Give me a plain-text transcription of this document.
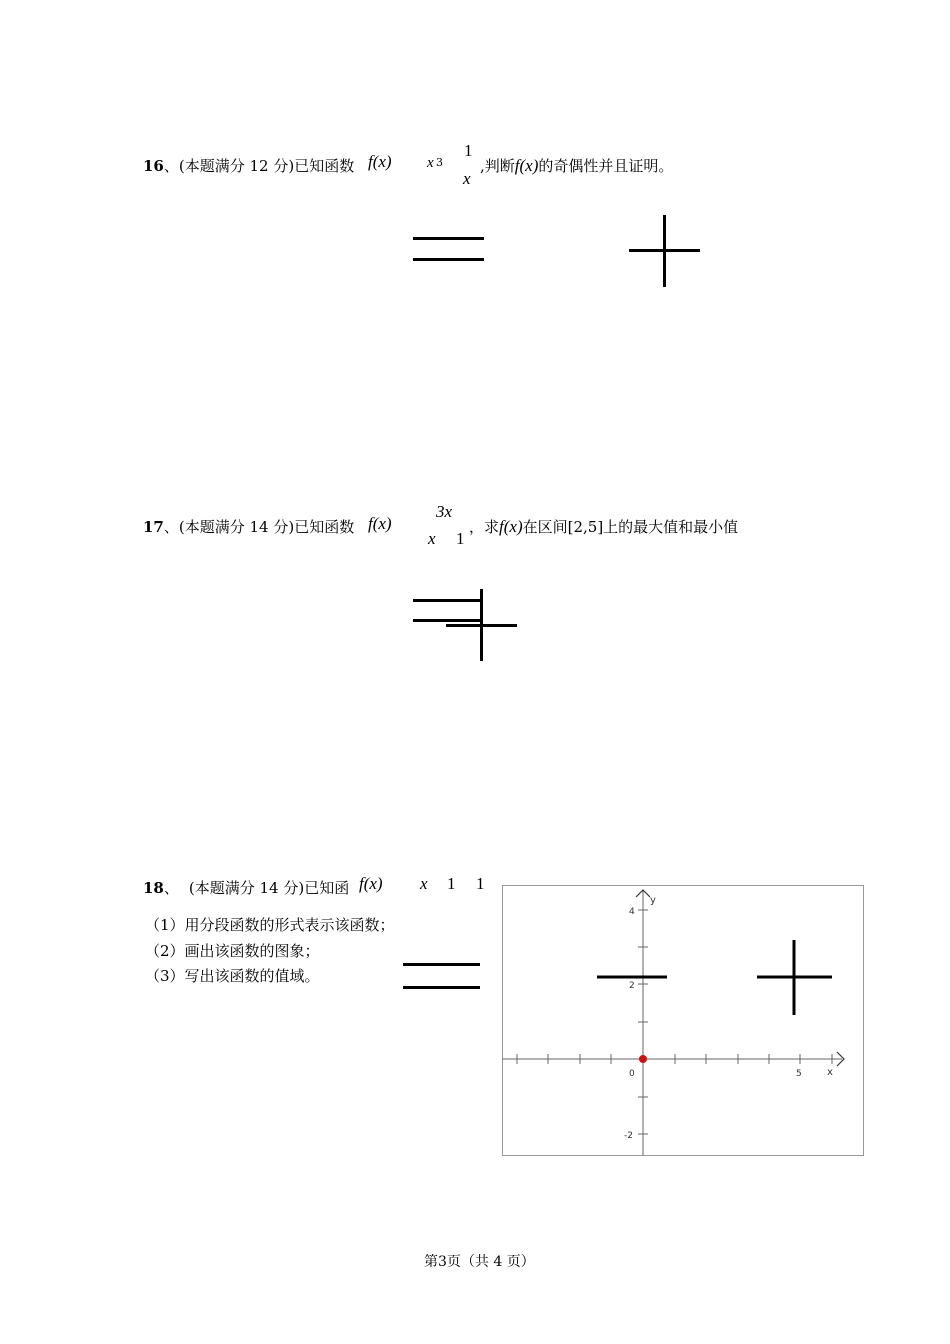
16、(本题满分 12 分)已知函数 f(x) x 3
1
x
,判断f(x)的奇偶性并且证明。
17、(本题满分 14 分)已知函数 f(x)
3x
x 1
，求f(x)在区间[2,5]上的最大值和最小值
18、 (本题满分 14 分)已知函 f(x) x 1 1
（1）用分段函数的形式表示该函数；
（2）画出该函数的图象；
（3）写出该函数的值域。
y
x
0	5
4
2
-2
第3页（共 4 页）
